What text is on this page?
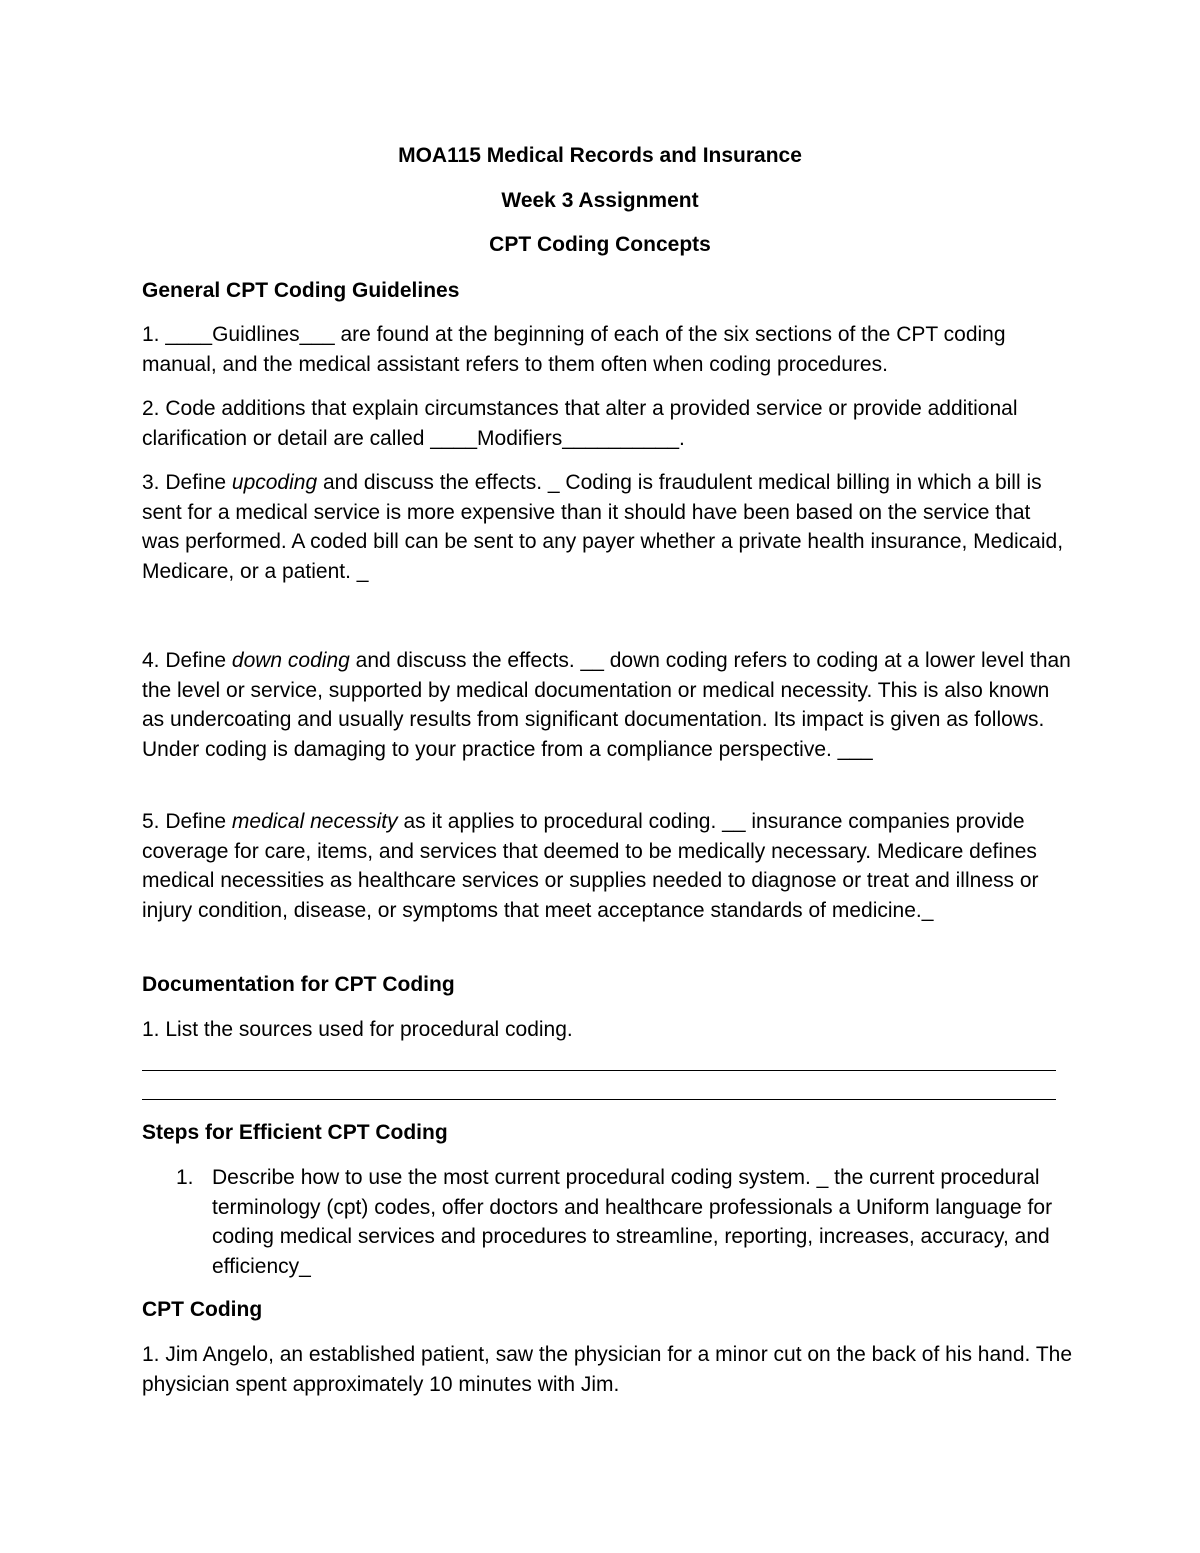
MOA115 Medical Records and Insurance
Week 3 Assignment
CPT Coding Concepts
General CPT Coding Guidelines

1. ____Guidlines___ are found at the beginning of each of the six sections of the CPT coding manual, and the medical assistant refers to them often when coding procedures.

2. Code additions that explain circumstances that alter a provided service or provide additional clarification or detail are called ____Modifiers__________.

3. Define upcoding and discuss the effects. _ Coding is fraudulent medical billing in which a bill is sent for a medical service is more expensive than it should have been based on the service that was performed. A coded bill can be sent to any payer whether a private health insurance, Medicaid, Medicare, or a patient. _

4. Define down coding and discuss the effects. __ down coding refers to coding at a lower level than the level or service, supported by medical documentation or medical necessity. This is also known as undercoating and usually results from significant documentation. Its impact is given as follows. Under coding is damaging to your practice from a compliance perspective. ___

5. Define medical necessity as it applies to procedural coding. __ insurance companies provide coverage for care, items, and services that deemed to be medically necessary. Medicare defines medical necessities as healthcare services or supplies needed to diagnose or treat and illness or injury condition, disease, or symptoms that meet acceptance standards of medicine._

Documentation for CPT Coding

1. List the sources used for procedural coding.

Steps for Efficient CPT Coding
1. Describe how to use the most current procedural coding system. _ the current procedural terminology (cpt) codes, offer doctors and healthcare professionals a Uniform language for coding medical services and procedures to streamline, reporting, increases, accuracy, and efficiency_

CPT Coding

1. Jim Angelo, an established patient, saw the physician for a minor cut on the back of his hand. The physician spent approximately 10 minutes with Jim.
